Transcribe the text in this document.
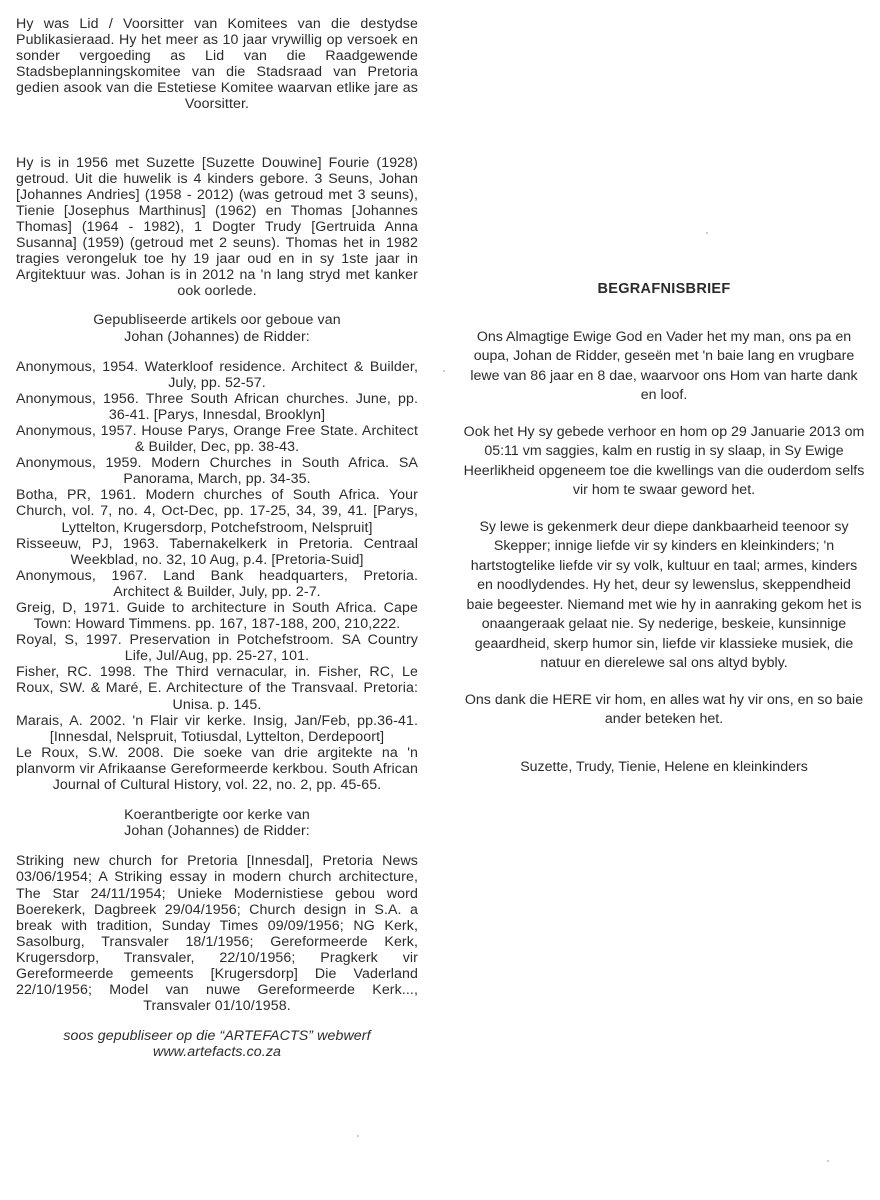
Hy was Lid / Voorsitter van Komitees van die destydse Publikasieraad. Hy het meer as 10 jaar vrywillig op versoek en sonder vergoeding as Lid van die Raadgewende Stadsbeplanningskomitee van die Stadsraad van Pretoria gedien asook van die Estetiese Komitee waarvan etlike jare as Voorsitter.

Hy is in 1956 met Suzette [Suzette Douwine] Fourie (1928) getroud. Uit die huwelik is 4 kinders gebore. 3 Seuns, Johan [Johannes Andries] (1958 - 2012) (was getroud met 3 seuns), Tienie [Josephus Marthinus] (1962) en Thomas [Johannes Thomas] (1964 - 1982), 1 Dogter Trudy [Gertruida Anna Susanna] (1959) (getroud met 2 seuns). Thomas het in 1982 tragies verongeluk toe hy 19 jaar oud en in sy 1ste jaar in Argitektuur was. Johan is in 2012 na 'n lang stryd met kanker ook oorlede.

Gepubliseerde artikels oor geboue van

Johan (Johannes) de Ridder:

Anonymous, 1954. Waterkloof residence. Architect & Builder, July, pp. 52-57.

Anonymous, 1956. Three South African churches. June, pp. 36-41. [Parys, Innesdal, Brooklyn]

Anonymous, 1957. House Parys, Orange Free State. Architect & Builder, Dec, pp. 38-43.

Anonymous, 1959. Modern Churches in South Africa. SA Panorama, March, pp. 34-35.

Botha, PR, 1961. Modern churches of South Africa. Your Church, vol. 7, no. 4, Oct-Dec, pp. 17-25, 34, 39, 41. [Parys, Lyttelton, Krugersdorp, Potchefstroom, Nelspruit]

Risseeuw, PJ, 1963. Tabernakelkerk in Pretoria. Centraal Weekblad, no. 32, 10 Aug, p.4. [Pretoria-Suid]

Anonymous, 1967. Land Bank headquarters, Pretoria. Architect & Builder, July, pp. 2-7.

Greig, D, 1971. Guide to architecture in South Africa. Cape Town: Howard Timmens. pp. 167, 187-188, 200, 210,222.

Royal, S, 1997. Preservation in Potchefstroom. SA Country Life, Jul/Aug, pp. 25-27, 101.

Fisher, RC. 1998. The Third vernacular, in. Fisher, RC, Le Roux, SW. & Maré, E. Architecture of the Transvaal. Pretoria: Unisa. p. 145.

Marais, A. 2002. 'n Flair vir kerke. Insig, Jan/Feb, pp.36-41. [Innesdal, Nelspruit, Totiusdal, Lyttelton, Derdepoort]

Le Roux, S.W. 2008. Die soeke van drie argitekte na 'n planvorm vir Afrikaanse Gereformeerde kerkbou. South African Journal of Cultural History, vol. 22, no. 2, pp. 45-65.

Koerantberigte oor kerke van

Johan (Johannes) de Ridder:

Striking new church for Pretoria [Innesdal], Pretoria News 03/06/1954; A Striking essay in modern church architecture, The Star 24/11/1954; Unieke Modernistiese gebou word Boerekerk, Dagbreek 29/04/1956; Church design in S.A. a break with tradition, Sunday Times 09/09/1956; NG Kerk, Sasolburg, Transvaler 18/1/1956; Gereformeerde Kerk, Krugersdorp, Transvaler, 22/10/1956; Pragkerk vir Gereformeerde gemeents [Krugersdorp] Die Vaderland 22/10/1956; Model van nuwe Gereformeerde Kerk..., Transvaler 01/10/1958.

soos gepubliseer op die “ARTEFACTS” webwerf

www.artefacts.co.za

BEGRAFNISBRIEF

Ons Almagtige Ewige God en Vader het my man, ons pa en oupa, Johan de Ridder, geseën met 'n baie lang en vrugbare lewe van 86 jaar en 8 dae, waarvoor ons Hom van harte dank en loof.

Ook het Hy sy gebede verhoor en hom op 29 Januarie 2013 om 05:11 vm saggies, kalm en rustig in sy slaap, in Sy Ewige Heerlikheid opgeneem toe die kwellings van die ouderdom selfs vir hom te swaar geword het.

Sy lewe is gekenmerk deur diepe dankbaarheid teenoor sy Skepper; innige liefde vir sy kinders en kleinkinders; 'n hartstogtelike liefde vir sy volk, kultuur en taal; armes, kinders en noodlydendes. Hy het, deur sy lewenslus, skeppendheid baie begeester. Niemand met wie hy in aanraking gekom het is onaangeraak gelaat nie. Sy nederige, beskeie, kunsinnige geaardheid, skerp humor sin, liefde vir klassieke musiek, die natuur en dierelewe sal ons altyd bybly.

Ons dank die HERE vir hom, en alles wat hy vir ons, en so baie ander beteken het.

Suzette, Trudy, Tienie, Helene en kleinkinders
